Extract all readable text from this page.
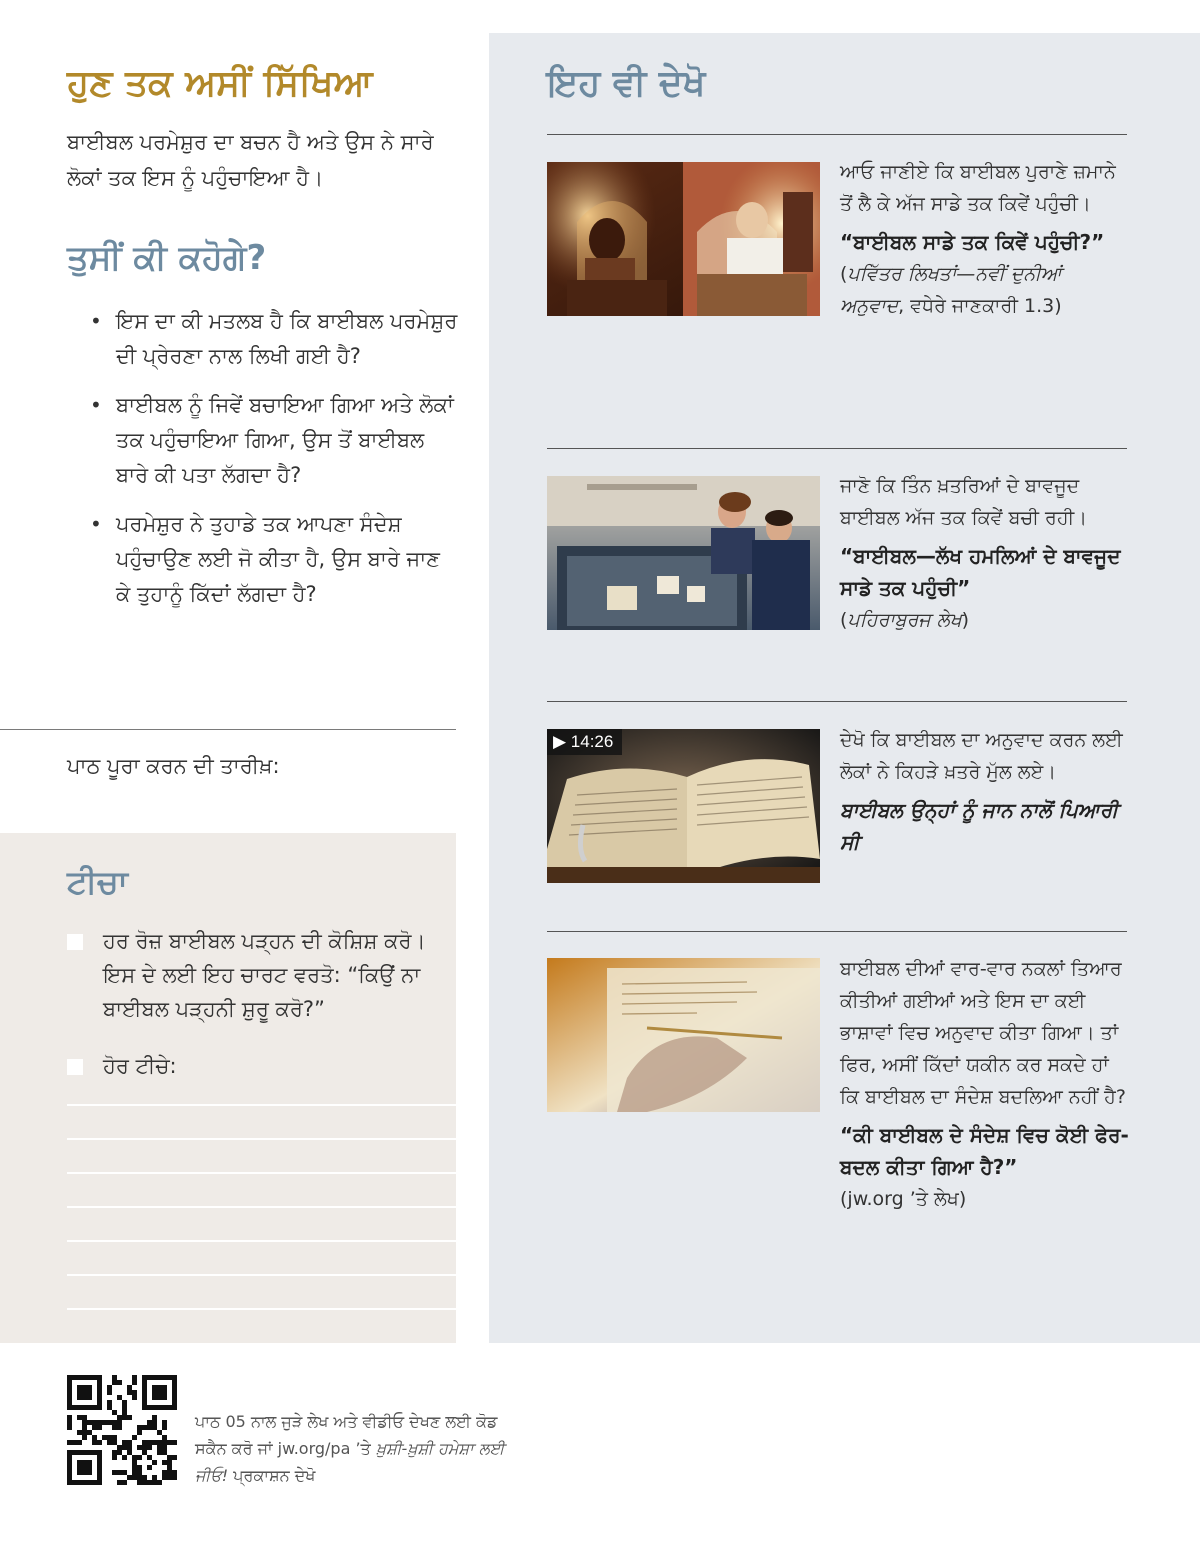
ਹੁਣ ਤਕ ਅਸੀਂ ਸਿੱਖਿਆ

ਬਾਈਬਲ ਪਰਮੇਸ਼ੁਰ ਦਾ ਬਚਨ ਹੈ ਅਤੇ ਉਸ ਨੇ ਸਾਰੇ ਲੋਕਾਂ ਤਕ ਇਸ ਨੂੰ ਪਹੁੰਚਾਇਆ ਹੈ।

ਤੁਸੀਂ ਕੀ ਕਹੋਗੇ?
• ਇਸ ਦਾ ਕੀ ਮਤਲਬ ਹੈ ਕਿ ਬਾਈਬਲ ਪਰਮੇਸ਼ੁਰ ਦੀ ਪ੍ਰੇਰਣਾ ਨਾਲ ਲਿਖੀ ਗਈ ਹੈ?
• ਬਾਈਬਲ ਨੂੰ ਜਿਵੇਂ ਬਚਾਇਆ ਗਿਆ ਅਤੇ ਲੋਕਾਂ ਤਕ ਪਹੁੰਚਾਇਆ ਗਿਆ, ਉਸ ਤੋਂ ਬਾਈਬਲ ਬਾਰੇ ਕੀ ਪਤਾ ਲੱਗਦਾ ਹੈ?
• ਪਰਮੇਸ਼ੁਰ ਨੇ ਤੁਹਾਡੇ ਤਕ ਆਪਣਾ ਸੰਦੇਸ਼ ਪਹੁੰਚਾਉਣ ਲਈ ਜੋ ਕੀਤਾ ਹੈ, ਉਸ ਬਾਰੇ ਜਾਣ ਕੇ ਤੁਹਾਨੂੰ ਕਿੱਦਾਂ ਲੱਗਦਾ ਹੈ?
ਪਾਠ ਪੂਰਾ ਕਰਨ ਦੀ ਤਾਰੀਖ਼:
ਟੀਚਾ
ਹਰ ਰੋਜ਼ ਬਾਈਬਲ ਪੜ੍ਹਨ ਦੀ ਕੋਸ਼ਿਸ਼ ਕਰੋ। ਇਸ ਦੇ ਲਈ ਇਹ ਚਾਰਟ ਵਰਤੋ: “ਕਿਉਂ ਨਾ ਬਾਈਬਲ ਪੜ੍ਹਨੀ ਸ਼ੁਰੂ ਕਰੋ?”
ਹੋਰ ਟੀਚੇ:
ਇਹ ਵੀ ਦੇਖੋ
ਆਓ ਜਾਣੀਏ ਕਿ ਬਾਈਬਲ ਪੁਰਾਣੇ ਜ਼ਮਾਨੇ ਤੋਂ ਲੈ ਕੇ ਅੱਜ ਸਾਡੇ ਤਕ ਕਿਵੇਂ ਪਹੁੰਚੀ।
“ਬਾਈਬਲ ਸਾਡੇ ਤਕ ਕਿਵੇਂ ਪਹੁੰਚੀ?”
(ਪਵਿੱਤਰ ਲਿਖਤਾਂ—ਨਵੀਂ ਦੁਨੀਆਂ ਅਨੁਵਾਦ, ਵਧੇਰੇ ਜਾਣਕਾਰੀ 1.3)
ਜਾਣੋ ਕਿ ਤਿੰਨ ਖ਼ਤਰਿਆਂ ਦੇ ਬਾਵਜੂਦ ਬਾਈਬਲ ਅੱਜ ਤਕ ਕਿਵੇਂ ਬਚੀ ਰਹੀ।
“ਬਾਈਬਲ—ਲੱਖ ਹਮਲਿਆਂ ਦੇ ਬਾਵਜੂਦ ਸਾਡੇ ਤਕ ਪਹੁੰਚੀ”
(ਪਹਿਰਾਬੁਰਜ ਲੇਖ)
▶ 14:26	ਦੇਖੋ ਕਿ ਬਾਈਬਲ ਦਾ ਅਨੁਵਾਦ ਕਰਨ ਲਈ ਲੋਕਾਂ ਨੇ ਕਿਹੜੇ ਖ਼ਤਰੇ ਮੁੱਲ ਲਏ।
ਬਾਈਬਲ ਉਨ੍ਹਾਂ ਨੂੰ ਜਾਨ ਨਾਲੋਂ ਪਿਆਰੀ ਸੀ
ਬਾਈਬਲ ਦੀਆਂ ਵਾਰ-ਵਾਰ ਨਕਲਾਂ ਤਿਆਰ ਕੀਤੀਆਂ ਗਈਆਂ ਅਤੇ ਇਸ ਦਾ ਕਈ ਭਾਸ਼ਾਵਾਂ ਵਿਚ ਅਨੁਵਾਦ ਕੀਤਾ ਗਿਆ। ਤਾਂ ਫਿਰ, ਅਸੀਂ ਕਿੱਦਾਂ ਯਕੀਨ ਕਰ ਸਕਦੇ ਹਾਂ ਕਿ ਬਾਈਬਲ ਦਾ ਸੰਦੇਸ਼ ਬਦਲਿਆ ਨਹੀਂ ਹੈ?
“ਕੀ ਬਾਈਬਲ ਦੇ ਸੰਦੇਸ਼ ਵਿਚ ਕੋਈ ਫੇਰ-ਬਦਲ ਕੀਤਾ ਗਿਆ ਹੈ?”
(jw.org ’ਤੇ ਲੇਖ)
ਪਾਠ 05 ਨਾਲ ਜੁੜੇ ਲੇਖ ਅਤੇ ਵੀਡੀਓ ਦੇਖਣ ਲਈ ਕੋਡ ਸਕੈਨ ਕਰੋ ਜਾਂ jw.org/pa ’ਤੇ ਖ਼ੁਸ਼ੀ-ਖ਼ੁਸ਼ੀ ਹਮੇਸ਼ਾ ਲਈ ਜੀਓ! ਪ੍ਰਕਾਸ਼ਨ ਦੇਖੋ
